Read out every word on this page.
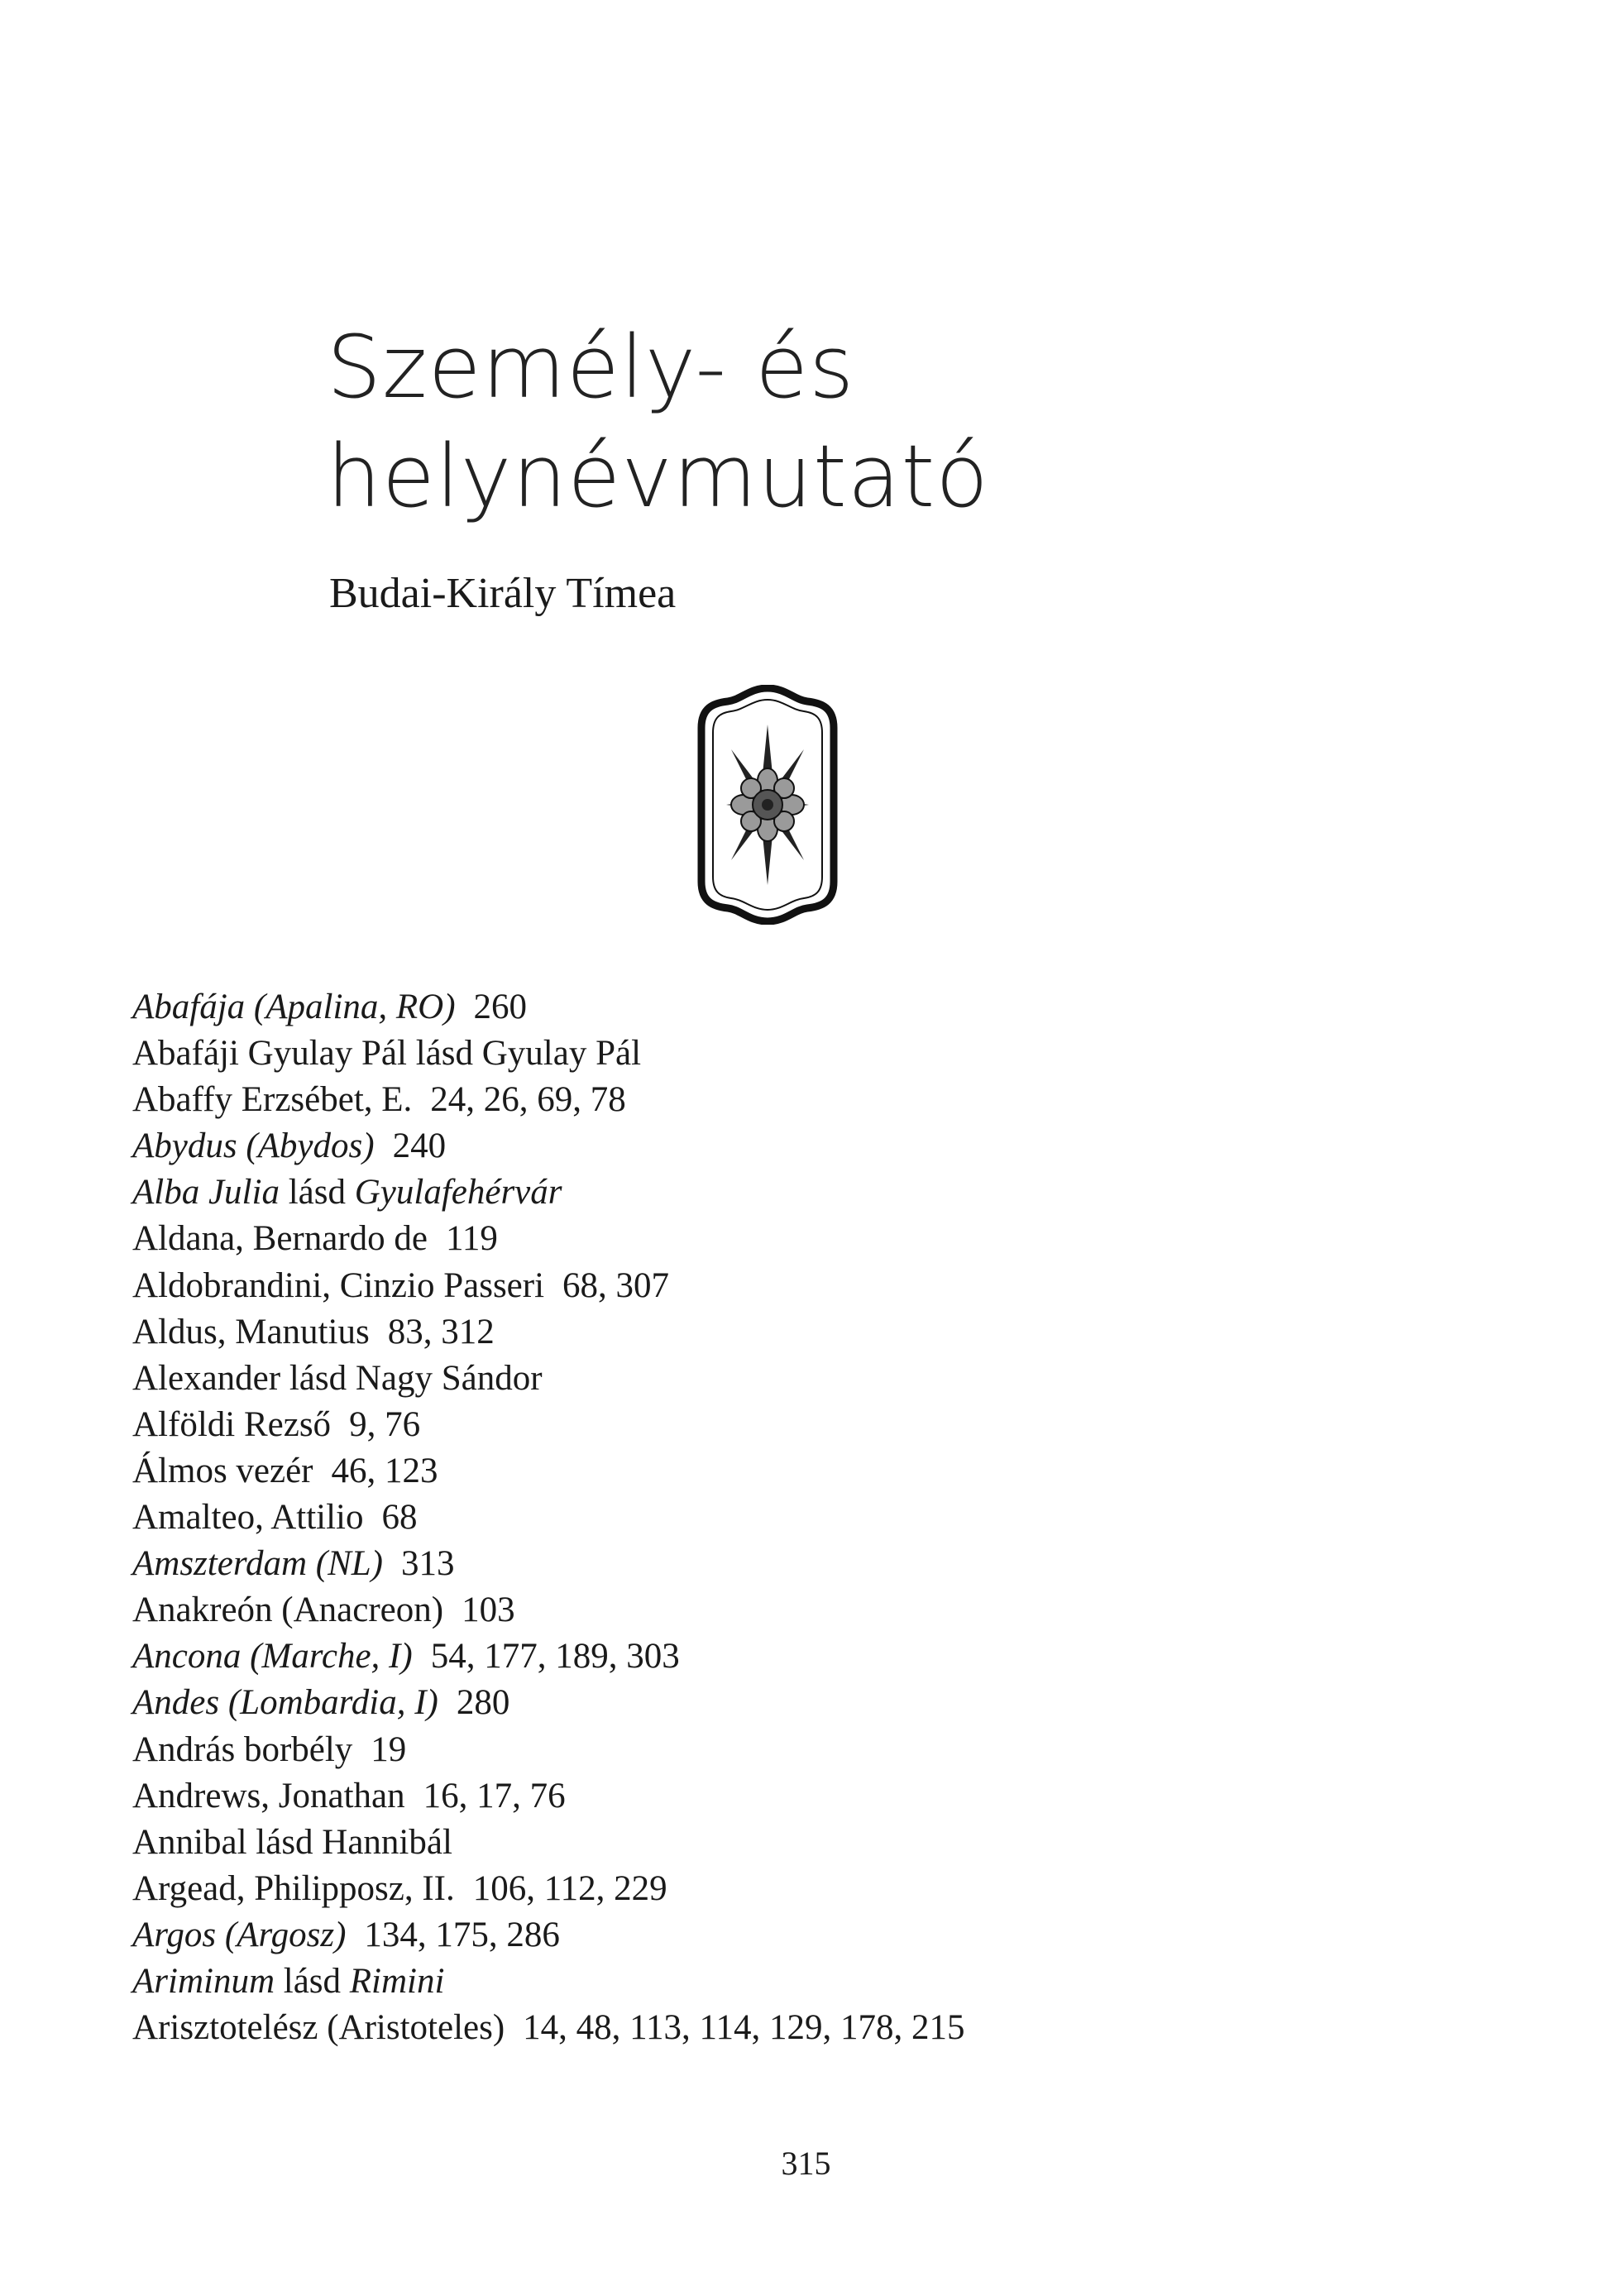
Személy- és
helynévmutató
Budai-Király Tímea
Abafája (Apalina, RO) 260
Abafáji Gyulay Pál lásd Gyulay Pál
Abaffy Erzsébet, E. 24, 26, 69, 78
Abydus (Abydos) 240
Alba Julia lásd Gyulafehérvár
Aldana, Bernardo de 119
Aldobrandini, Cinzio Passeri 68, 307
Aldus, Manutius 83, 312
Alexander lásd Nagy Sándor
Alföldi Rezső 9, 76
Álmos vezér 46, 123
Amalteo, Attilio 68
Amszterdam (NL) 313
Anakreón (Anacreon) 103
Ancona (Marche, I) 54, 177, 189, 303
Andes (Lombardia, I) 280
András borbély 19
Andrews, Jonathan 16, 17, 76
Annibal lásd Hannibál
Argead, Philipposz, II. 106, 112, 229
Argos (Argosz) 134, 175, 286
Ariminum lásd Rimini
Arisztotelész (Aristoteles) 14, 48, 113, 114, 129, 178, 215
315
